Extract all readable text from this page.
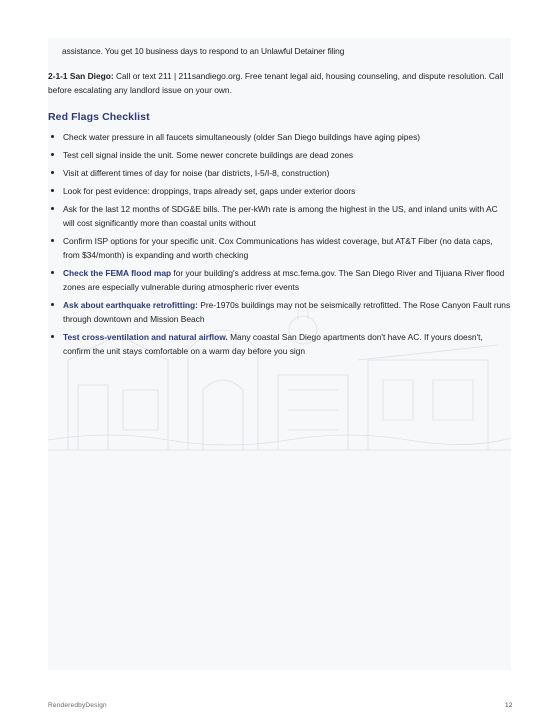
assistance. You get 10 business days to respond to an Unlawful Detainer filing
2-1-1 San Diego: Call or text 211 | 211sandiego.org. Free tenant legal aid, housing counseling, and dispute resolution. Call before escalating any landlord issue on your own.
Red Flags Checklist
Check water pressure in all faucets simultaneously (older San Diego buildings have aging pipes)
Test cell signal inside the unit. Some newer concrete buildings are dead zones
Visit at different times of day for noise (bar districts, I-5/I-8, construction)
Look for pest evidence: droppings, traps already set, gaps under exterior doors
Ask for the last 12 months of SDG&E bills. The per-kWh rate is among the highest in the US, and inland units with AC will cost significantly more than coastal units without
Confirm ISP options for your specific unit. Cox Communications has widest coverage, but AT&T Fiber (no data caps, from $34/month) is expanding and worth checking
Check the FEMA flood map for your building's address at msc.fema.gov. The San Diego River and Tijuana River flood zones are especially vulnerable during atmospheric river events
Ask about earthquake retrofitting: Pre-1970s buildings may not be seismically retrofitted. The Rose Canyon Fault runs through downtown and Mission Beach
Test cross-ventilation and natural airflow. Many coastal San Diego apartments don't have AC. If yours doesn't, confirm the unit stays comfortable on a warm day before you sign
RenderedbyDesign	12
